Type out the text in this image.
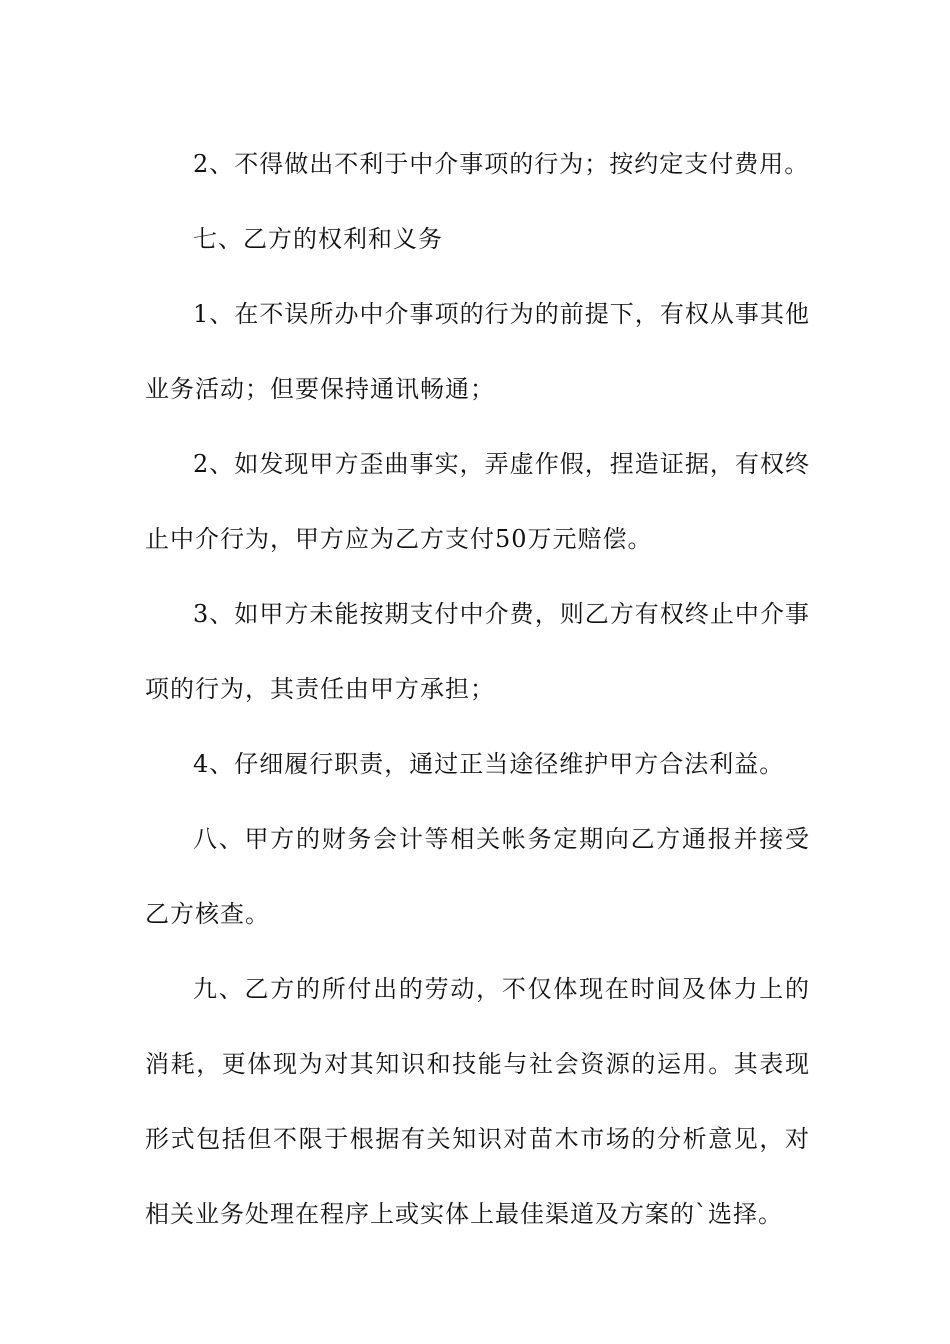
2、不得做出不利于中介事项的行为；按约定支付费用。

七、乙方的权利和义务

1、在不误所办中介事项的行为的前提下，有权从事其他业务活动；但要保持通讯畅通；

2、如发现甲方歪曲事实，弄虚作假，捏造证据，有权终止中介行为，甲方应为乙方支付50万元赔偿。

3、如甲方未能按期支付中介费，则乙方有权终止中介事项的行为，其责任由甲方承担；

4、仔细履行职责，通过正当途径维护甲方合法利益。

八、甲方的财务会计等相关帐务定期向乙方通报并接受乙方核查。

九、乙方的所付出的劳动，不仅体现在时间及体力上的消耗，更体现为对其知识和技能与社会资源的运用。其表现形式包括但不限于根据有关知识对苗木市场的分析意见，对相关业务处理在程序上或实体上最佳渠道及方案的`选择。
